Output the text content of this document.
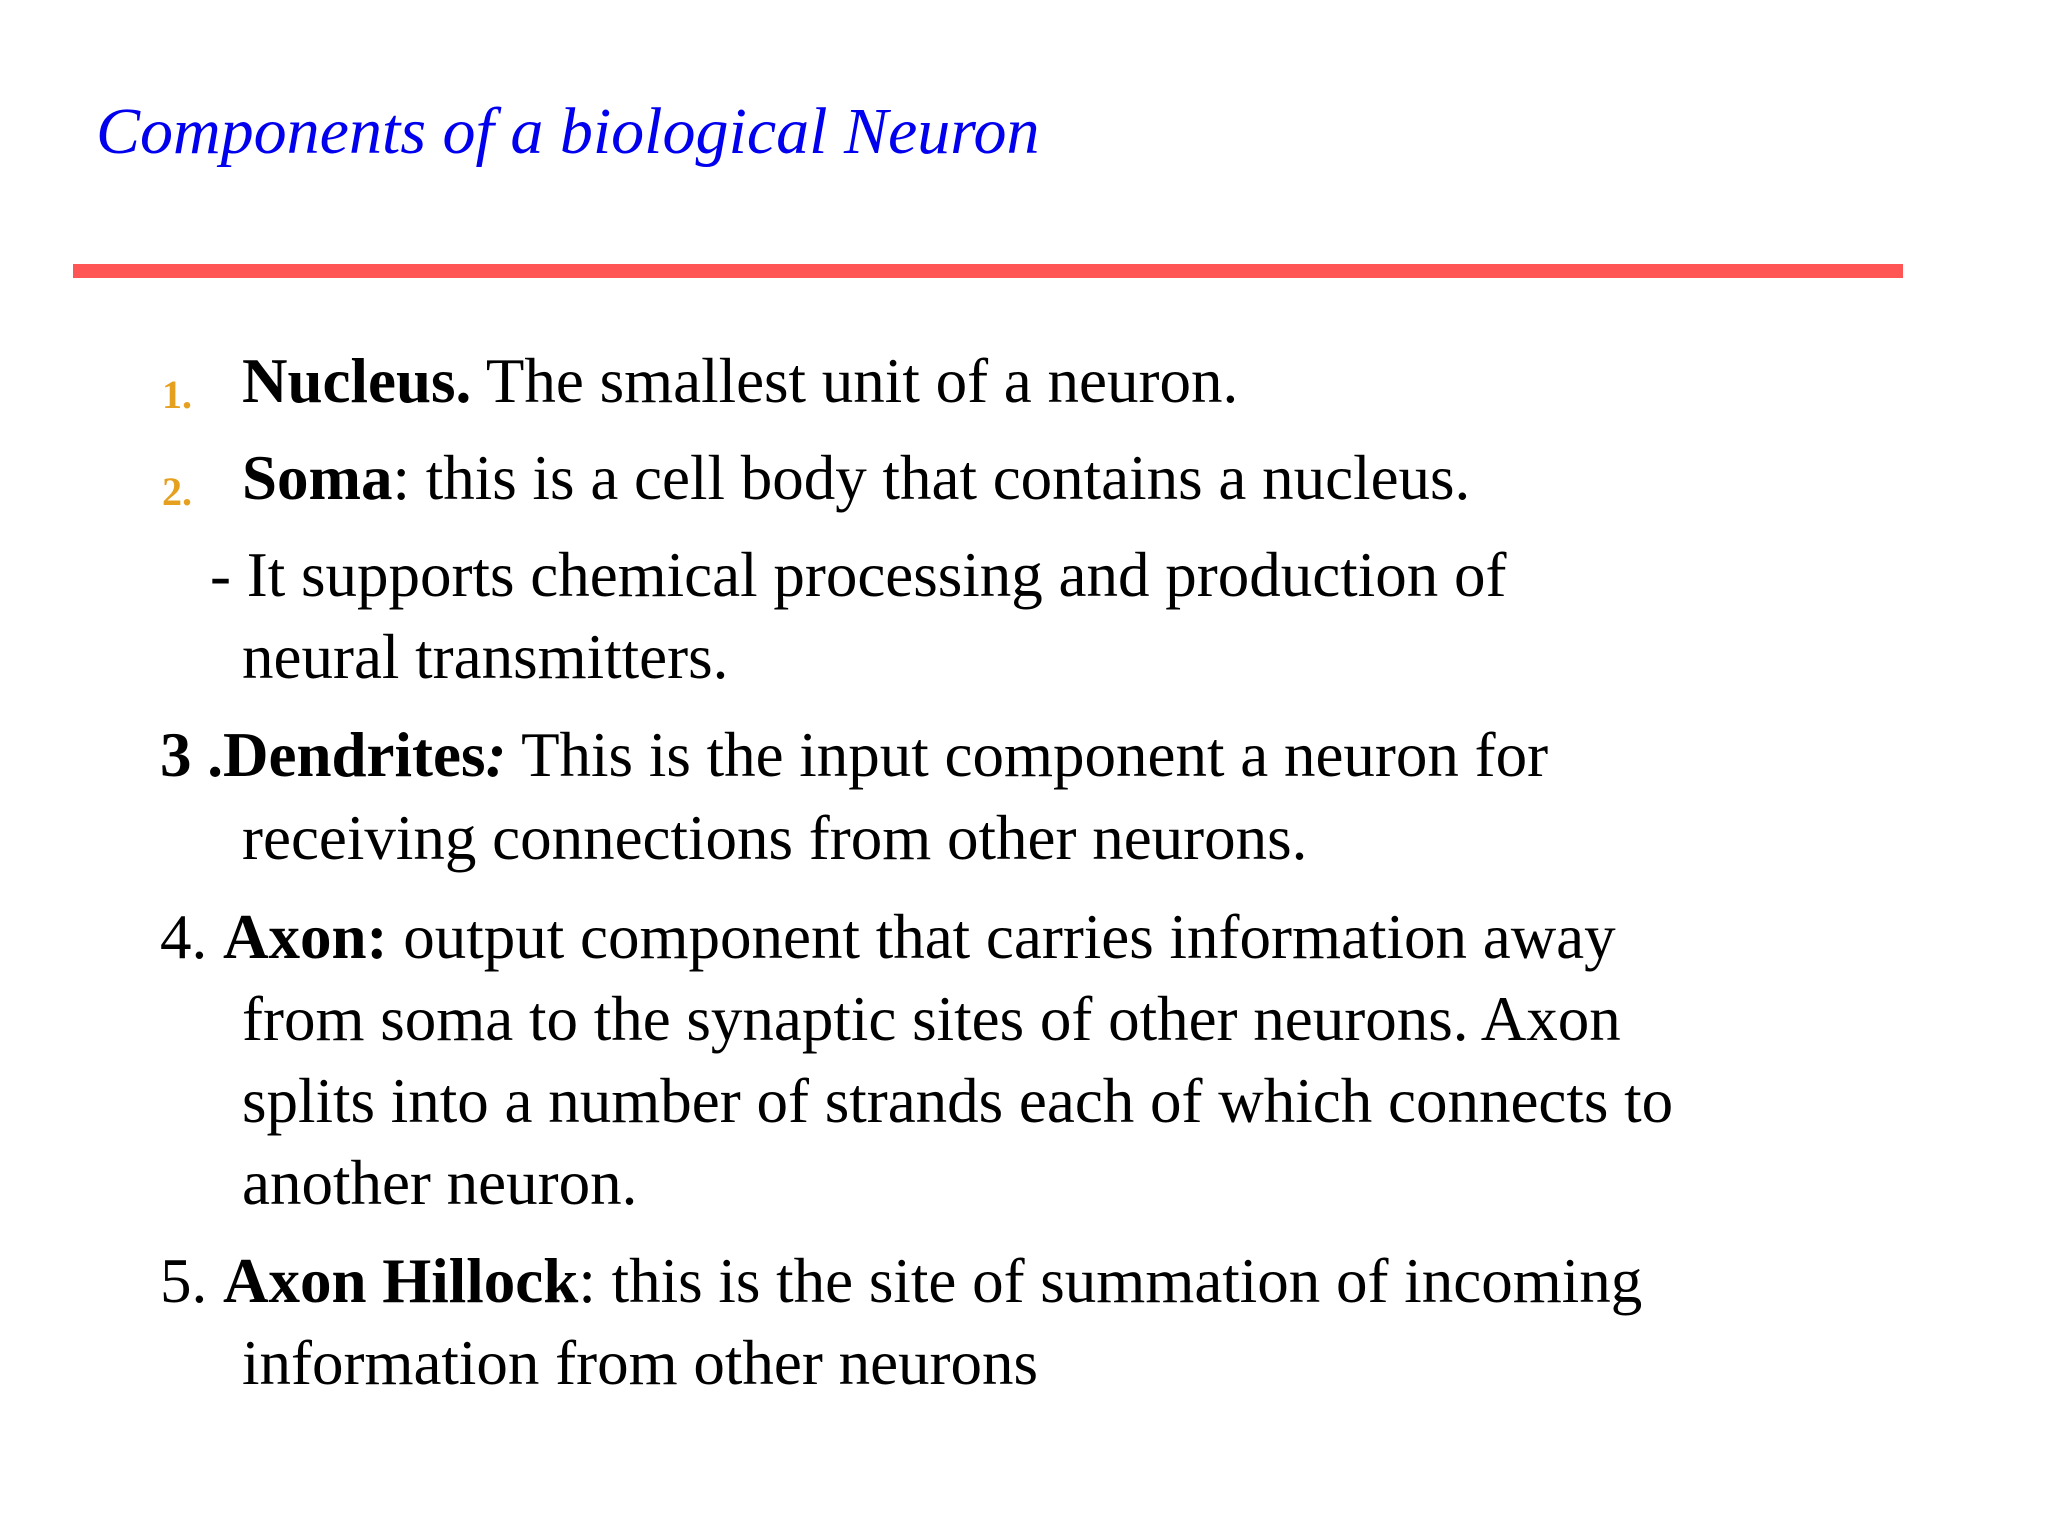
Components of a biological Neuron
1. Nucleus. The smallest unit of a neuron.
2. Soma: this is a cell body that contains a nucleus.
- It supports chemical processing and production of
neural transmitters.
3 .Dendrites: This is the input component a neuron for
receiving connections from other neurons.
4. Axon: output component that carries information away
from soma to the synaptic sites of other neurons. Axon
splits into a number of strands each of which connects to
another neuron.
5. Axon Hillock: this is the site of summation of incoming
information from other neurons
